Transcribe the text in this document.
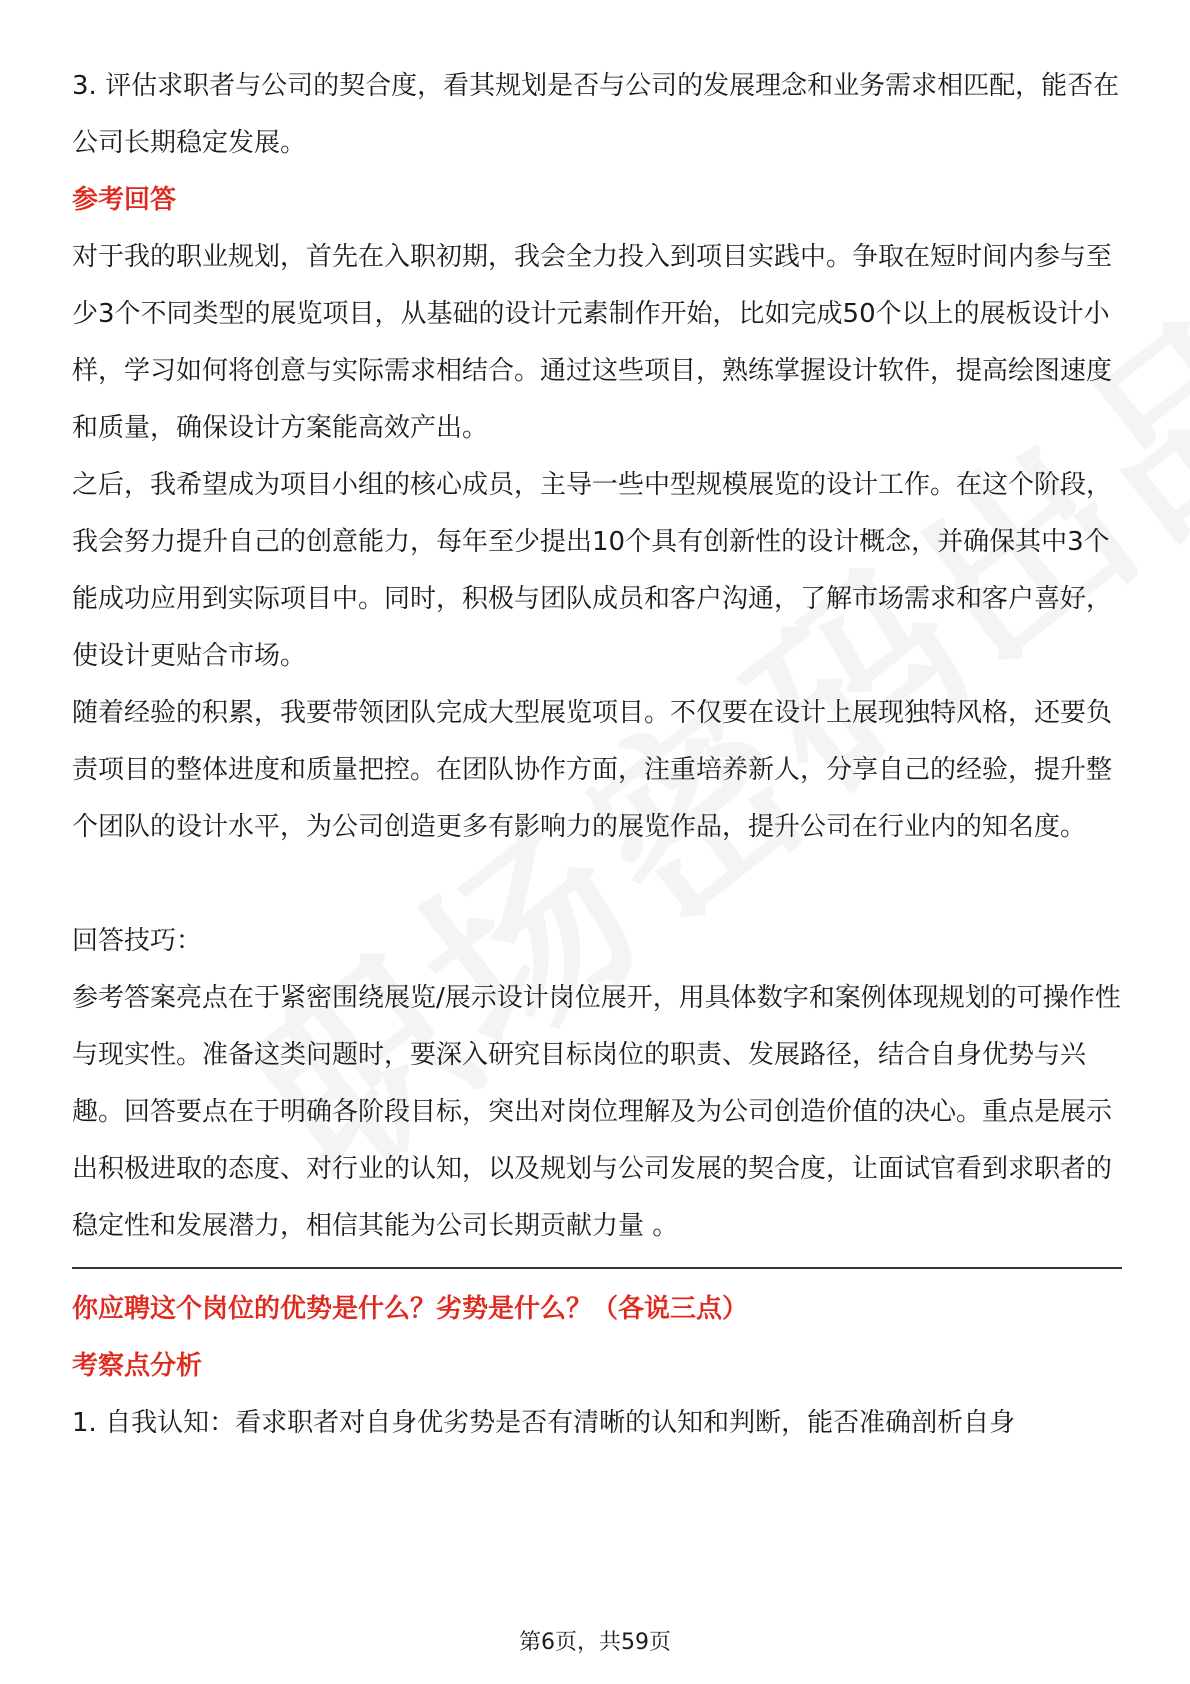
3. 评估求职者与公司的契合度，看其规划是否与公司的发展理念和业务需求相匹配，能否在公司长期稳定发展。

参考回答

对于我的职业规划，首先在入职初期，我会全力投入到项目实践中。争取在短时间内参与至少3个不同类型的展览项目，从基础的设计元素制作开始，比如完成50个以上的展板设计小样，学习如何将创意与实际需求相结合。通过这些项目，熟练掌握设计软件，提高绘图速度和质量，确保设计方案能高效产出。

之后，我希望成为项目小组的核心成员，主导一些中型规模展览的设计工作。在这个阶段，我会努力提升自己的创意能力，每年至少提出10个具有创新性的设计概念，并确保其中3个能成功应用到实际项目中。同时，积极与团队成员和客户沟通，了解市场需求和客户喜好，使设计更贴合市场。

随着经验的积累，我要带领团队完成大型展览项目。不仅要在设计上展现独特风格，还要负责项目的整体进度和质量把控。在团队协作方面，注重培养新人，分享自己的经验，提升整个团队的设计水平，为公司创造更多有影响力的展览作品，提升公司在行业内的知名度。

回答技巧：

参考答案亮点在于紧密围绕展览/展示设计岗位展开，用具体数字和案例体现规划的可操作性与现实性。准备这类问题时，要深入研究目标岗位的职责、发展路径，结合自身优势与兴趣。回答要点在于明确各阶段目标，突出对岗位理解及为公司创造价值的决心。重点是展示出积极进取的态度、对行业的认知，以及规划与公司发展的契合度，让面试官看到求职者的稳定性和发展潜力，相信其能为公司长期贡献力量 。

你应聘这个岗位的优势是什么？劣势是什么？（各说三点）
考察点分析

1. 自我认知：看求职者对自身优劣势是否有清晰的认知和判断，能否准确剖析自身

第6页，共59页
